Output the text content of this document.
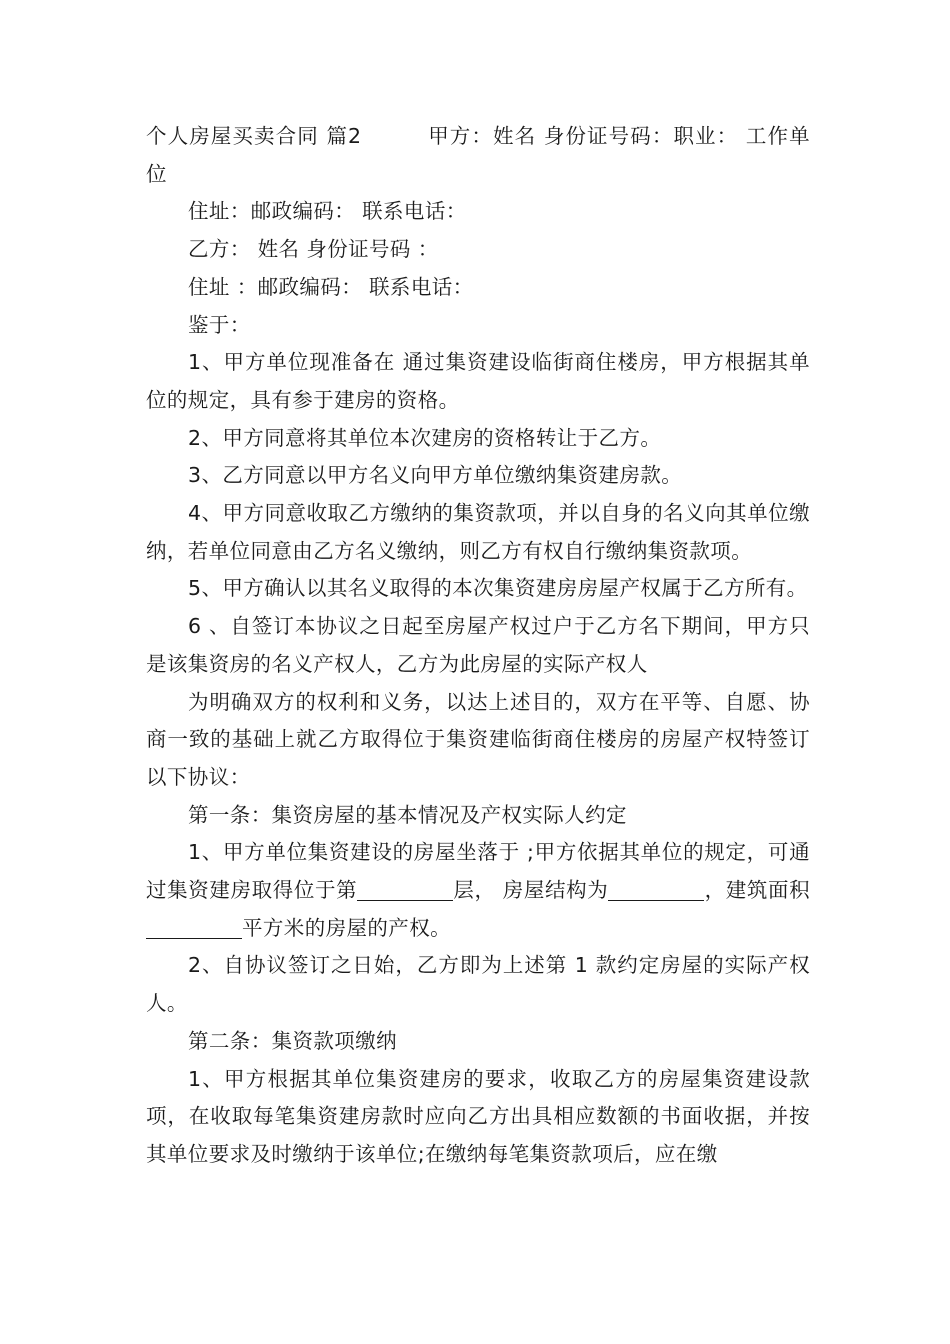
个人房屋买卖合同 篇2	甲方：姓名 身份证号码：职业： 工作单位

住址：邮政编码： 联系电话：

乙方： 姓名 身份证号码 ：

住址 ：邮政编码： 联系电话：

鉴于：

1、甲方单位现准备在 通过集资建设临街商住楼房，甲方根据其单位的规定，具有参于建房的资格。

2、甲方同意将其单位本次建房的资格转让于乙方。

3、乙方同意以甲方名义向甲方单位缴纳集资建房款。

4、甲方同意收取乙方缴纳的集资款项，并以自身的名义向其单位缴纳，若单位同意由乙方名义缴纳，则乙方有权自行缴纳集资款项。

5、甲方确认以其名义取得的本次集资建房房屋产权属于乙方所有。

6 、自签订本协议之日起至房屋产权过户于乙方名下期间，甲方只是该集资房的名义产权人，乙方为此房屋的实际产权人

为明确双方的权利和义务，以达上述目的，双方在平等、自愿、协商一致的基础上就乙方取得位于集资建临街商住楼房的房屋产权特签订以下协议：

第一条：集资房屋的基本情况及产权实际人约定

1、甲方单位集资建设的房屋坐落于 ;甲方依据其单位的规定，可通过集资建房取得位于第	层， 房屋结构为	，建筑面积平方米的房屋的产权。

2、自协议签订之日始，乙方即为上述第 1 款约定房屋的实际产权人。

第二条：集资款项缴纳

1、甲方根据其单位集资建房的要求，收取乙方的房屋集资建设款项，在收取每笔集资建房款时应向乙方出具相应数额的书面收据，并按其单位要求及时缴纳于该单位;在缴纳每笔集资款项后，应在缴
